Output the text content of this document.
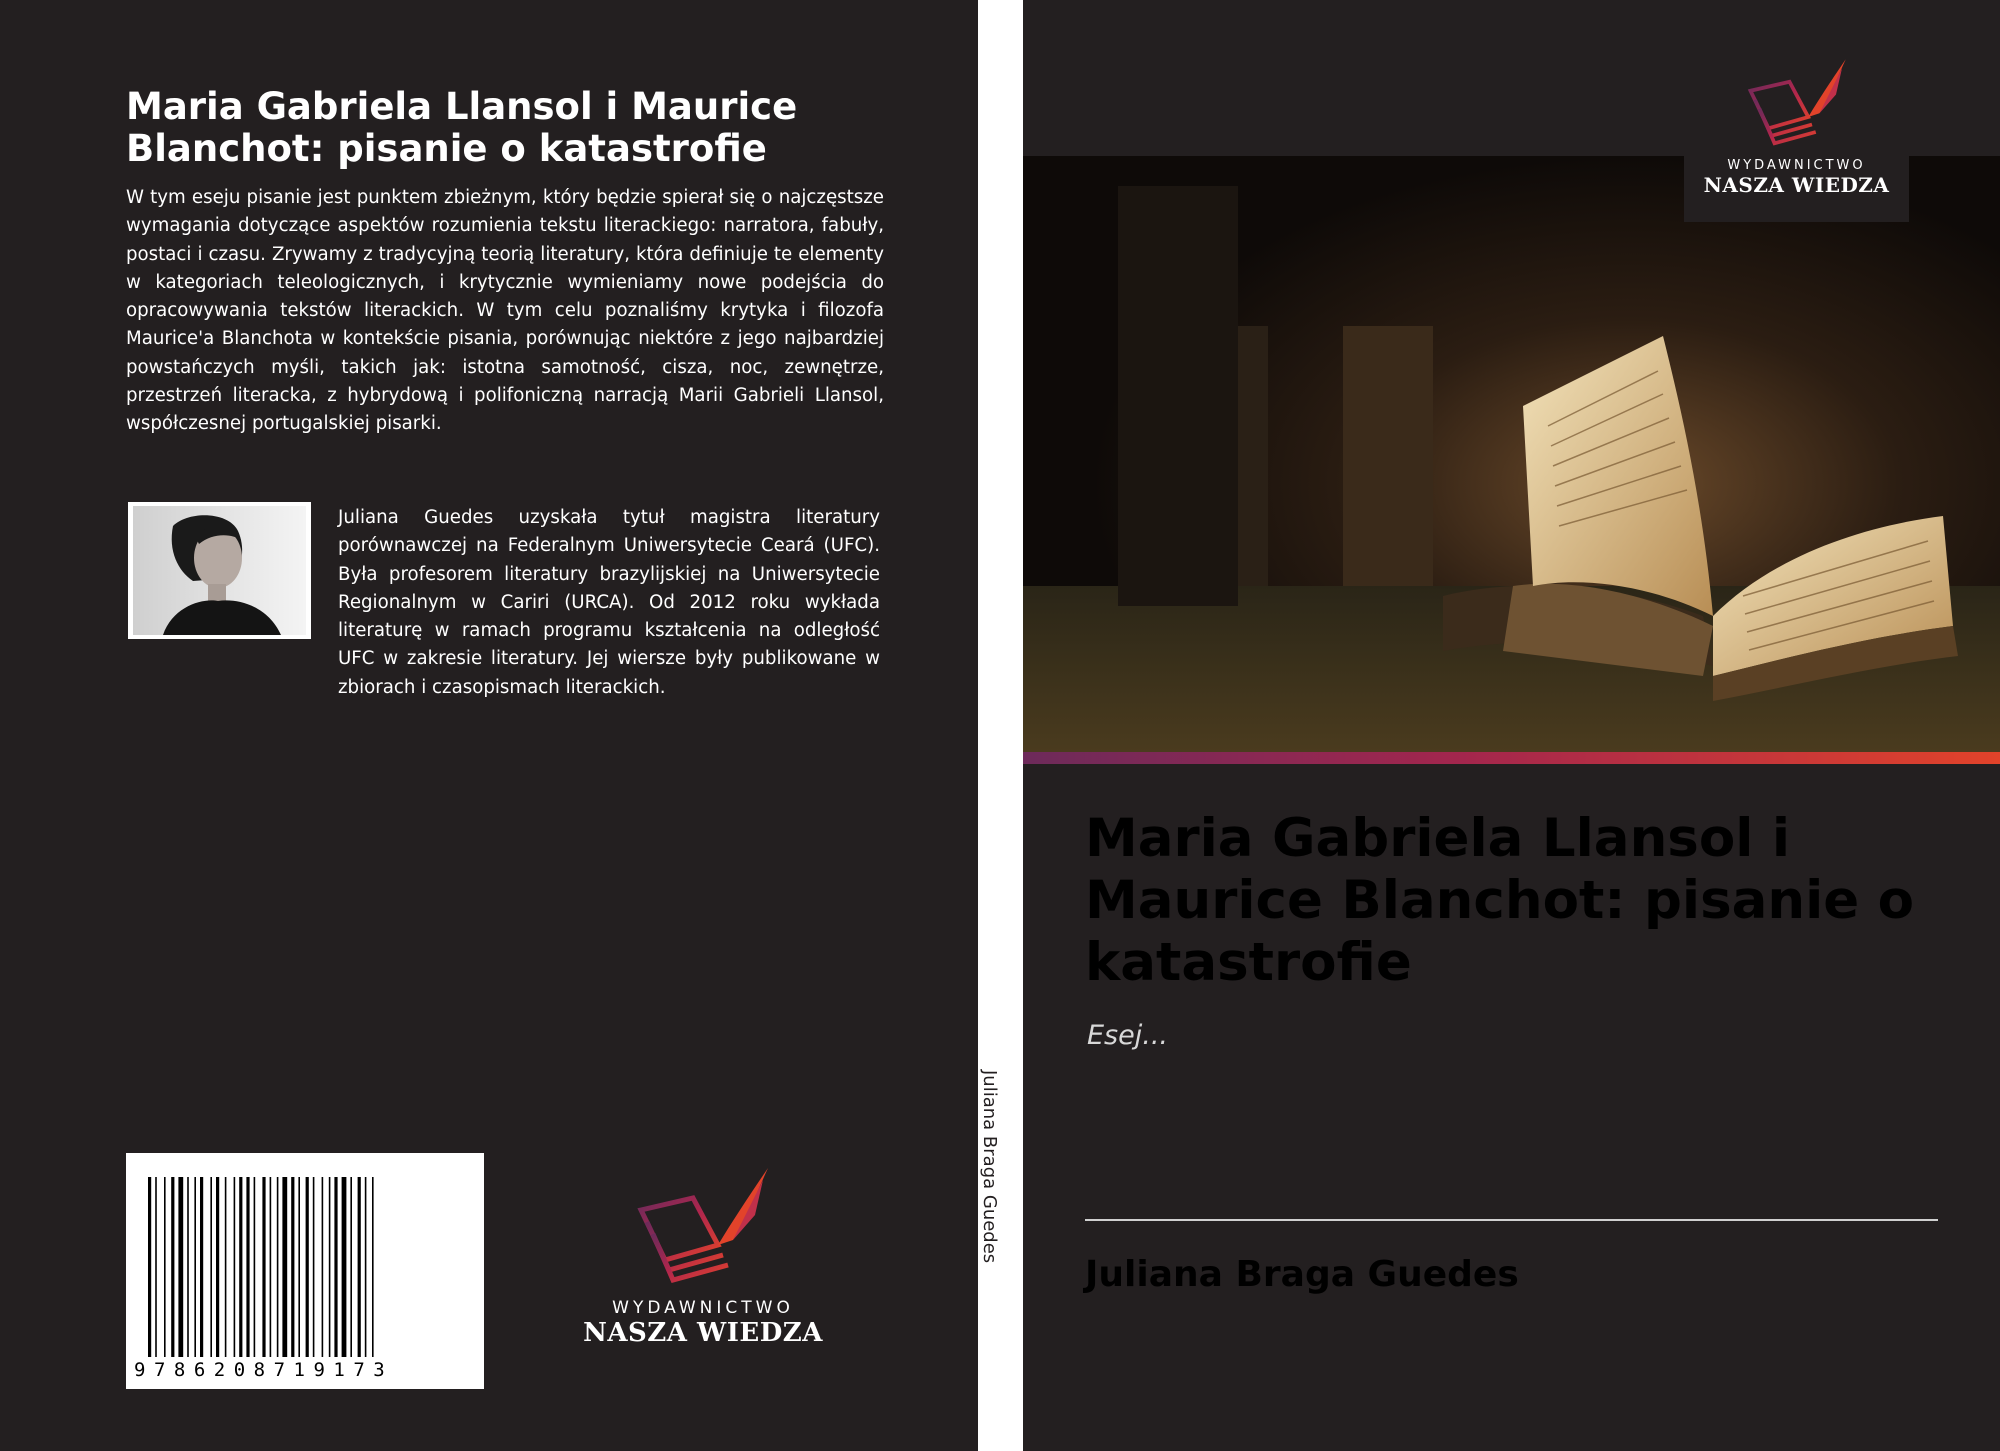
Maria Gabriela Llansol i Maurice Blanchot: pisanie o katastrofie

W tym eseju pisanie jest punktem zbieżnym, który będzie spierał się o najczęstsze wymagania dotyczące aspektów rozumienia tekstu literackiego: narratora, fabuły, postaci i czasu. Zrywamy z tradycyjną teorią literatury, która definiuje te elementy w kategoriach teleologicznych, i krytycznie wymieniamy nowe podejścia do opracowywania tekstów literackich. W tym celu poznaliśmy krytyka i filozofa Maurice'a Blanchota w kontekście pisania, porównując niektóre z jego najbardziej powstańczych myśli, takich jak: istotna samotność, cisza, noc, zewnętrze, przestrzeń literacka, z hybrydową i polifoniczną narracją Marii Gabrieli Llansol, współczesnej portugalskiej pisarki.

Juliana Guedes uzyskała tytuł magistra literatury porównawczej na Federalnym Uniwersytecie Ceará (UFC). Była profesorem literatury brazylijskiej na Uniwersytecie Regionalnym w Cariri (URCA). Od 2012 roku wykłada literaturę w ramach programu kształcenia na odległość UFC w zakresie literatury. Jej wiersze były publikowane w zbiorach i czasopismach literackich.

9786208719173
WYDAWNICTWO
NASZA WIEDZA
Juliana Braga Guedes
WYDAWNICTWO
NASZA WIEDZA
Maria Gabriela Llansol i Maurice Blanchot: pisanie o katastrofie
Esej...
Juliana Braga Guedes
